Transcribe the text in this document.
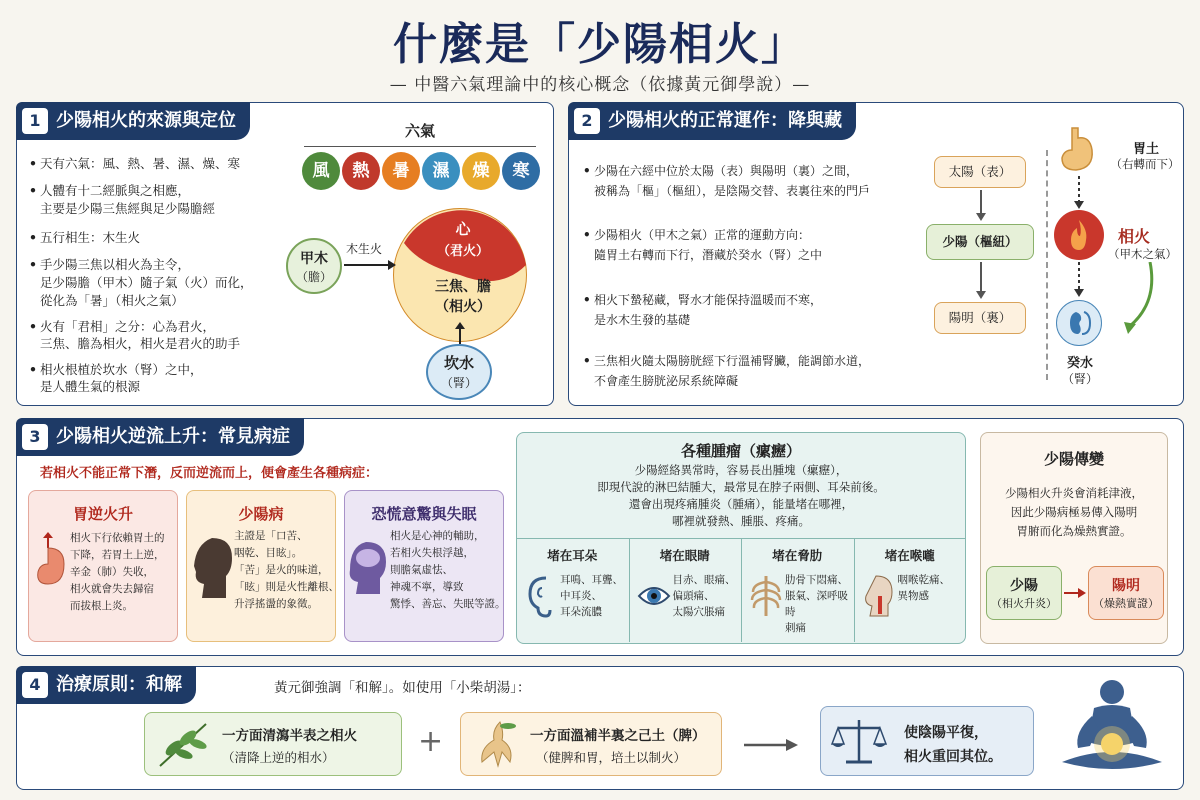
什麼是「少陽相火」
— 中醫六氣理論中的核心概念（依據黃元御學說）—
1 少陽相火的來源與定位
• 天有六氣：風、熱、暑、濕、燥、寒
• 人體有十二經脈與之相應，
主要是少陽三焦經與足少陽膽經
• 五行相生：木生火
• 手少陽三焦以相火為主令，
足少陽膽（甲木）隨子氣（火）而化，
從化為「暑」（相火之氣）
• 火有「君相」之分：心為君火，
三焦、膽為相火，相火是君火的助手
• 相火根植於坎水（腎）之中，
是人體生氣的根源
六氣
風	熱	暑	濕	燥	寒
心
（君火）
三焦、膽
（相火）
甲木
（膽）
木生火
坎水
（腎）
2 少陽相火的正常運作：降與藏
• 少陽在六經中位於太陽（表）與陽明（裏）之間，
被稱為「樞」（樞紐），是陰陽交替、表裏往來的門戶
• 少陽相火（甲木之氣）正常的運動方向：
隨胃土右轉而下行，潛藏於癸水（腎）之中
• 相火下蟄秘藏，腎水才能保持溫暖而不寒，
是水木生發的基礎
• 三焦相火隨太陽膀胱經下行溫補腎臟，能調節水道，
不會產生膀胱泌尿系統障礙
太陽（表）
少陽（樞紐）
陽明（裏）
胃土
（右轉而下）
相火
（甲木之氣）
癸水
（腎）
3 少陽相火逆流上升：常見病症
若相火不能正常下潛，反而逆流而上，便會產生各種病症：
胃逆火升
相火下行依賴胃土的
下降，若胃土上逆，
辛金（肺）失收，
相火就會失去歸宿
而拔根上炎。
少陽病
主證是「口苦、
咽乾、目眩」。
「苦」是火的味道，
「眩」則是火性離根、
升浮搖盪的象徵。
恐慌意驚與失眠
相火是心神的輔助，
若相火失根浮越，
則膽氣虛怯、
神魂不寧，導致
驚悸、善忘、失眠等證。
各種腫瘤（瘰癧）
少陽經絡異常時，容易長出腫塊（瘰癧），
即現代說的淋巴結腫大，最常見在脖子兩側、耳朵前後。
還會出現疼痛腫炎（腫痛），能量堵在哪裡，
哪裡就發熱、腫脹、疼痛。
堵在耳朵
耳鳴、耳聾、
中耳炎、
耳朵流膿
堵在眼睛
目赤、眼痛、
偏頭痛、
太陽穴脹痛
堵在脅肋
肋骨下悶痛、
脹氣、深呼吸時
刺痛
堵在喉嚨
咽喉乾痛、
異物感
少陽傳變
少陽相火升炎會消耗津液，
因此少陽病極易傳入陽明
胃腑而化為燥熱實證。
少陽
（相火升炎）
陽明
（燥熱實證）
4 治療原則：和解	黃元御強調「和解」。如使用「小柴胡湯」：
一方面清瀉半表之相火
（清降上逆的相水）	+	一方面溫補半裏之己土（脾）
（健脾和胃，培土以制火）
使陰陽平復，
相火重回其位。
